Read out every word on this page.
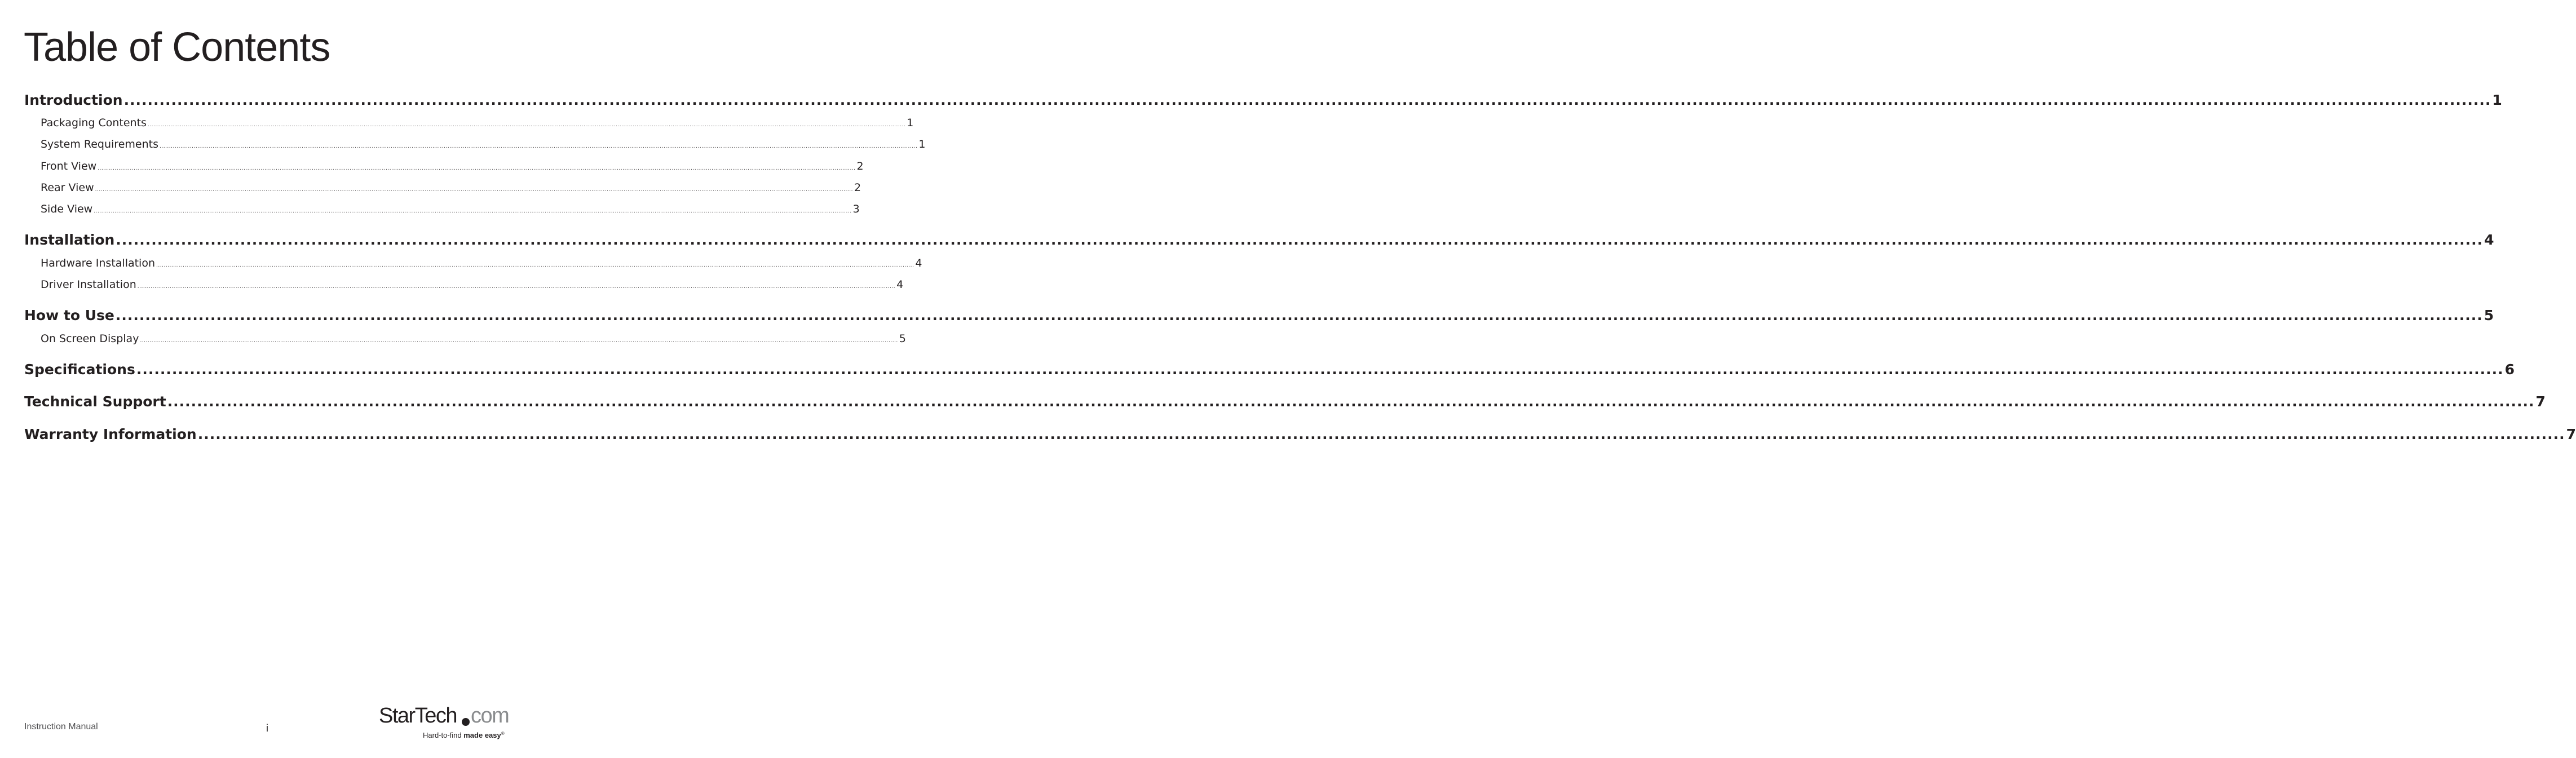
Table of Contents
Introduction ................................................................................................................................................................................................................................................................................................................................................................................................................ 1
Packaging Contents ................................................................................................................................................................................................................................................................................................................................................................................................................ 1
System Requirements ................................................................................................................................................................................................................................................................................................................................................................................................................ 1
Front View ................................................................................................................................................................................................................................................................................................................................................................................................................ 2
Rear View ................................................................................................................................................................................................................................................................................................................................................................................................................ 2
Side View ................................................................................................................................................................................................................................................................................................................................................................................................................ 3
Installation ................................................................................................................................................................................................................................................................................................................................................................................................................ 4
Hardware Installation ................................................................................................................................................................................................................................................................................................................................................................................................................ 4
Driver Installation ................................................................................................................................................................................................................................................................................................................................................................................................................ 4
How to Use ................................................................................................................................................................................................................................................................................................................................................................................................................ 5
On Screen Display ................................................................................................................................................................................................................................................................................................................................................................................................................ 5
Specifications ................................................................................................................................................................................................................................................................................................................................................................................................................ 6
Technical Support ................................................................................................................................................................................................................................................................................................................................................................................................................ 7
Warranty Information ................................................................................................................................................................................................................................................................................................................................................................................................................ 7
Instruction Manual	i
StarTech com
Hard-to-find made easy®
